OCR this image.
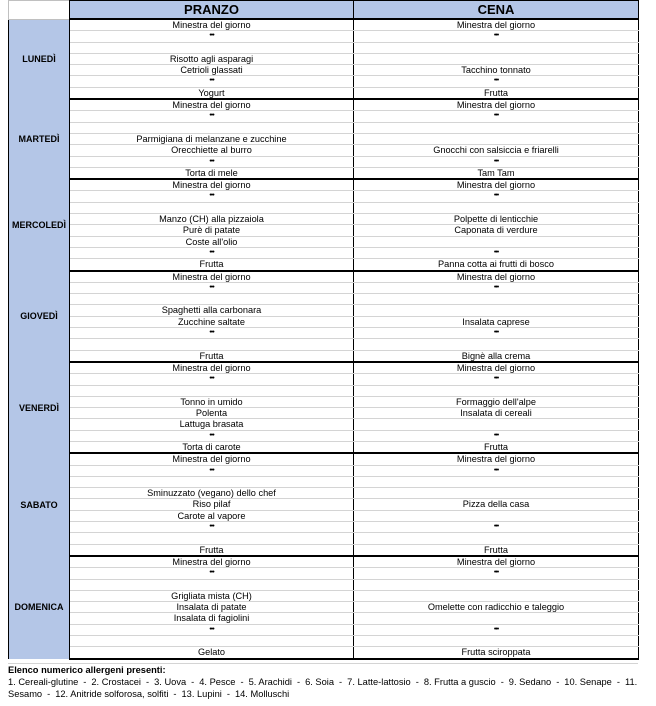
	PRANZO	CENA
LUNEDÌ	Minestra del giorno	Minestra del giorno
	•••	•••

	Risotto agli asparagi	
	Cetrioli glassati	Tacchino tonnato
	•••	•••
	Yogurt	Frutta
MARTEDÌ	Minestra del giorno	Minestra del giorno
	•••	•••

	Parmigiana di melanzane e zucchine	
	Orecchiette al burro	Gnocchi con salsiccia e friarelli
	•••	•••
	Torta di mele	Tam Tam
MERCOLEDÌ	Minestra del giorno	Minestra del giorno
	•••	•••

	Manzo (CH) alla pizzaiola	Polpette di lenticchie
	Purè di patate	Caponata di verdure
	Coste all'olio	
	•••	•••
	Frutta	Panna cotta ai frutti di bosco
GIOVEDÌ	Minestra del giorno	Minestra del giorno
	•••	•••

	Spaghetti alla carbonara	
	Zucchine saltate	Insalata caprese
	•••	•••

	Frutta	Bignè alla crema
VENERDÌ	Minestra del giorno	Minestra del giorno
	•••	•••

	Tonno in umido	Formaggio dell'alpe
	Polenta	Insalata di cereali
	Lattuga brasata	
	•••	•••
	Torta di carote	Frutta
SABATO	Minestra del giorno	Minestra del giorno
	•••	•••

	Sminuzzato (vegano) dello chef	
	Riso pilaf	Pizza della casa
	Carote al vapore	
	•••	•••

	Frutta	Frutta
DOMENICA	Minestra del giorno	Minestra del giorno
	•••	•••

	Grigliata mista (CH)	
	Insalata di patate	Omelette con radicchio e taleggio
	Insalata di fagiolini	
	•••	•••

	Gelato	Frutta sciroppata
Elenco numerico allergeni presenti:
1. Cereali-glutine - 2. Crostacei - 3. Uova - 4. Pesce - 5. Arachidi - 6. Soia - 7. Latte-lattosio - 8. Frutta a guscio - 9. Sedano - 10. Senape - 11. Sesamo - 12. Anitride solforosa, solfiti - 13. Lupini - 14. Molluschi
